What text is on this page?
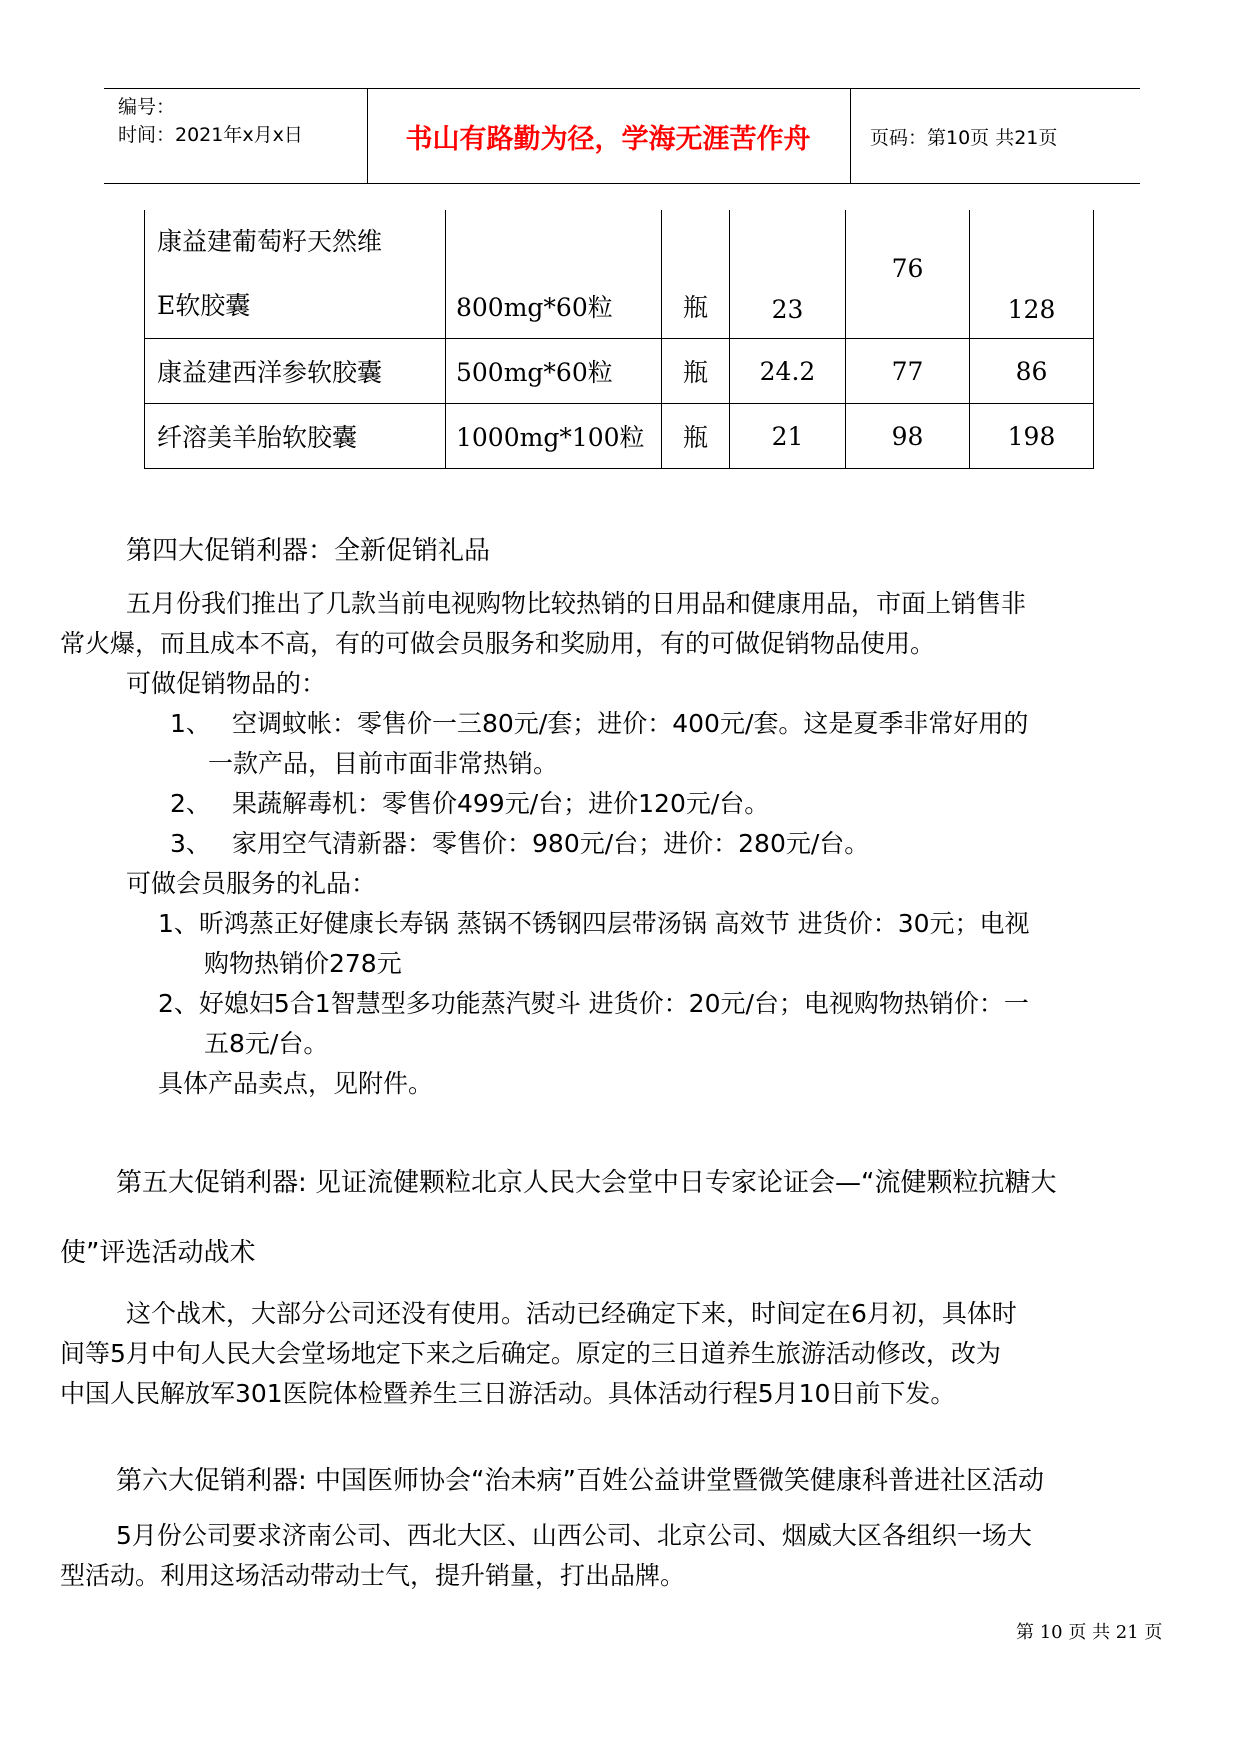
编号：
时间：2021年x月x日	书山有路勤为径，学海无涯苦作舟	页码：第10页 共21页
康益建葡萄籽天然维
E软胶囊	800mg*60粒	瓶	23	76	128
康益建西洋参软胶囊	500mg*60粒	瓶	24.2	77	86
纤溶美羊胎软胶囊	1000mg*100粒	瓶	21	98	198
第四大促销利器：全新促销礼品
五月份我们推出了几款当前电视购物比较热销的日用品和健康用品，市面上销售非
常火爆，而且成本不高，有的可做会员服务和奖励用，有的可做促销物品使用。
可做促销物品的：
1、 空调蚊帐：零售价一三80元/套；进价：400元/套。这是夏季非常好用的
一款产品，目前市面非常热销。
2、 果蔬解毒机：零售价499元/台；进价120元/台。
3、 家用空气清新器：零售价：980元/台；进价：280元/台。
可做会员服务的礼品：
1、昕鸿蒸正好健康长寿锅 蒸锅不锈钢四层带汤锅 高效节 进货价：30元；电视
购物热销价278元
2、好媳妇5合1智慧型多功能蒸汽熨斗 进货价：20元/台；电视购物热销价：一
五8元/台。
具体产品卖点，见附件。
第五大促销利器: 见证流健颗粒北京人民大会堂中日专家论证会—“流健颗粒抗糖大
使”评选活动战术
这个战术，大部分公司还没有使用。活动已经确定下来，时间定在6月初，具体时
间等5月中旬人民大会堂场地定下来之后确定。原定的三日道养生旅游活动修改，改为
中国人民解放军301医院体检暨养生三日游活动。具体活动行程5月10日前下发。
第六大促销利器: 中国医师协会“治未病”百姓公益讲堂暨微笑健康科普进社区活动
5月份公司要求济南公司、西北大区、山西公司、北京公司、烟威大区各组织一场大
型活动。利用这场活动带动士气，提升销量，打出品牌。
第 10 页 共 21 页
